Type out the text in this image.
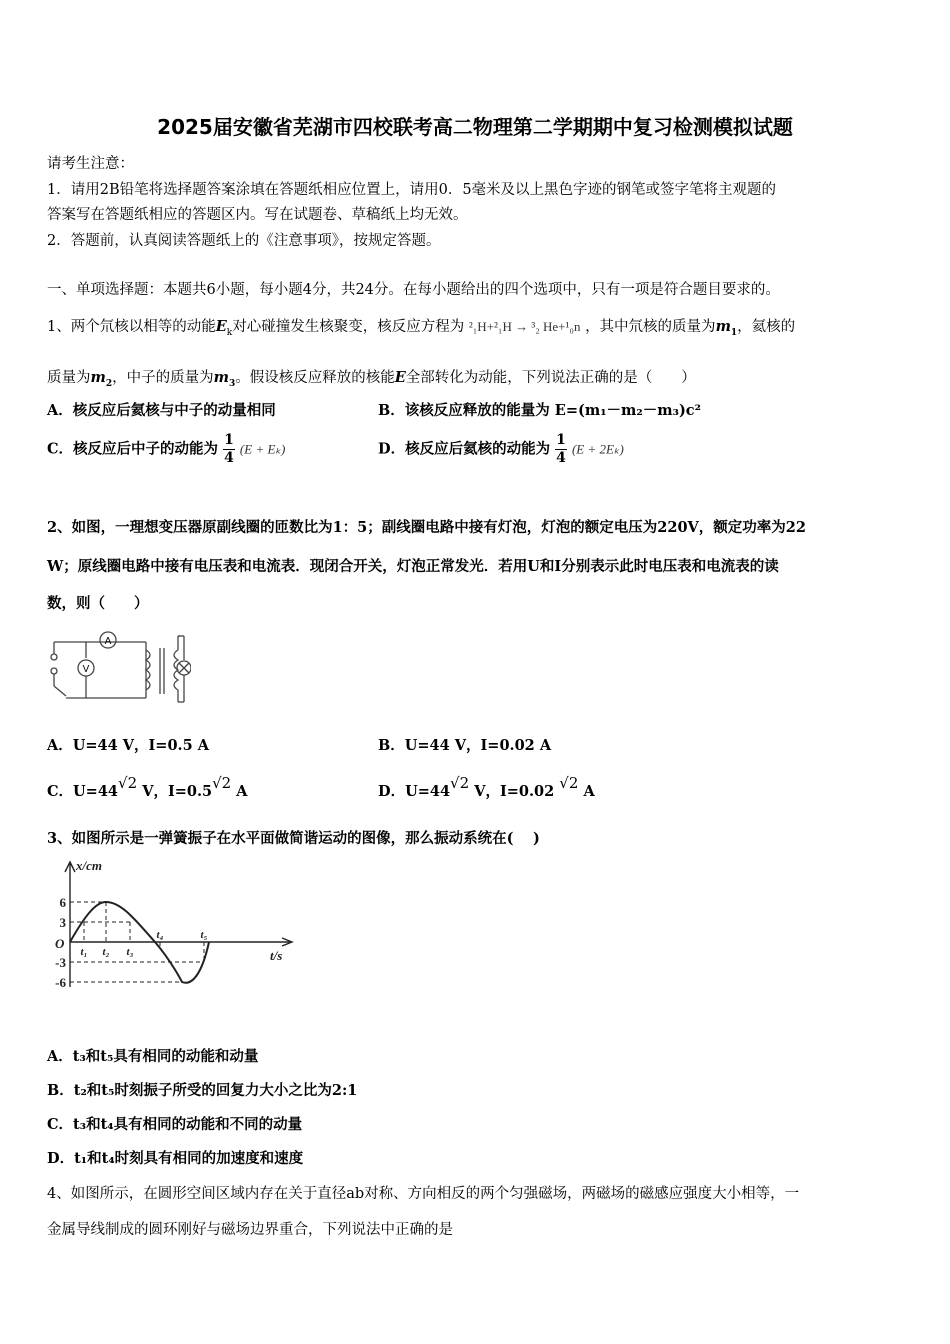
2025届安徽省芜湖市四校联考高二物理第二学期期中复习检测模拟试题
请考生注意：
1．请用2B铅笔将选择题答案涂填在答题纸相应位置上，请用0．5毫米及以上黑色字迹的钢笔或签字笔将主观题的
答案写在答题纸相应的答题区内。写在试题卷、草稿纸上均无效。
2．答题前，认真阅读答题纸上的《注意事项》，按规定答题。
一、单项选择题：本题共6小题，每小题4分，共24分。在每小题给出的四个选项中，只有一项是符合题目要求的。
1、两个氘核以相等的动能$E_k$对心碰撞发生核聚变，核反应方程为 ²₁H+²₁H → ³₂ He+¹₀n ，其中氘核的质量为$m_1$，氦核的
质量为$m_2$，中子的质量为$m_3$。假设核反应释放的核能E全部转化为动能，下列说法正确的是（　　）
A．核反应后氦核与中子的动量相同	B．该核反应释放的能量为 E=(m₁－m₂－m₃)c²
C．核反应后中子的动能为 $\frac{1}{4} (E + E_k)$	D．核反应后氦核的动能为 $\frac{1}{4} (E + 2E_k)$
2、如图，一理想变压器原副线圈的匝数比为1：5；副线圈电路中接有灯泡，灯泡的额定电压为220V，额定功率为22
W；原线圈电路中接有电压表和电流表．现闭合开关，灯泡正常发光．若用U和I分别表示此时电压表和电流表的读
数，则（　　）
A
V
A．U=44 V，I=0.5 A	B．U=44 V，I=0.02 A
C．U=44√2 V，I=0.5√2 A	D．U=44√2 V，I=0.02 √2 A
3、如图所示是一弹簧振子在水平面做简谐运动的图像，那么振动系统在(　 )
x/cm
t/s
O
6
3
-3
-6
t₁ t₂ t₃
t₄	t₅
A．t₃和t₅具有相同的动能和动量
B．t₂和t₅时刻振子所受的回复力大小之比为2:1
C．t₃和t₄具有相同的动能和不同的动量
D．t₁和t₄时刻具有相同的加速度和速度
4、如图所示，在圆形空间区域内存在关于直径ab对称、方向相反的两个匀强磁场，两磁场的磁感应强度大小相等，一
金属导线制成的圆环刚好与磁场边界重合，下列说法中正确的是
